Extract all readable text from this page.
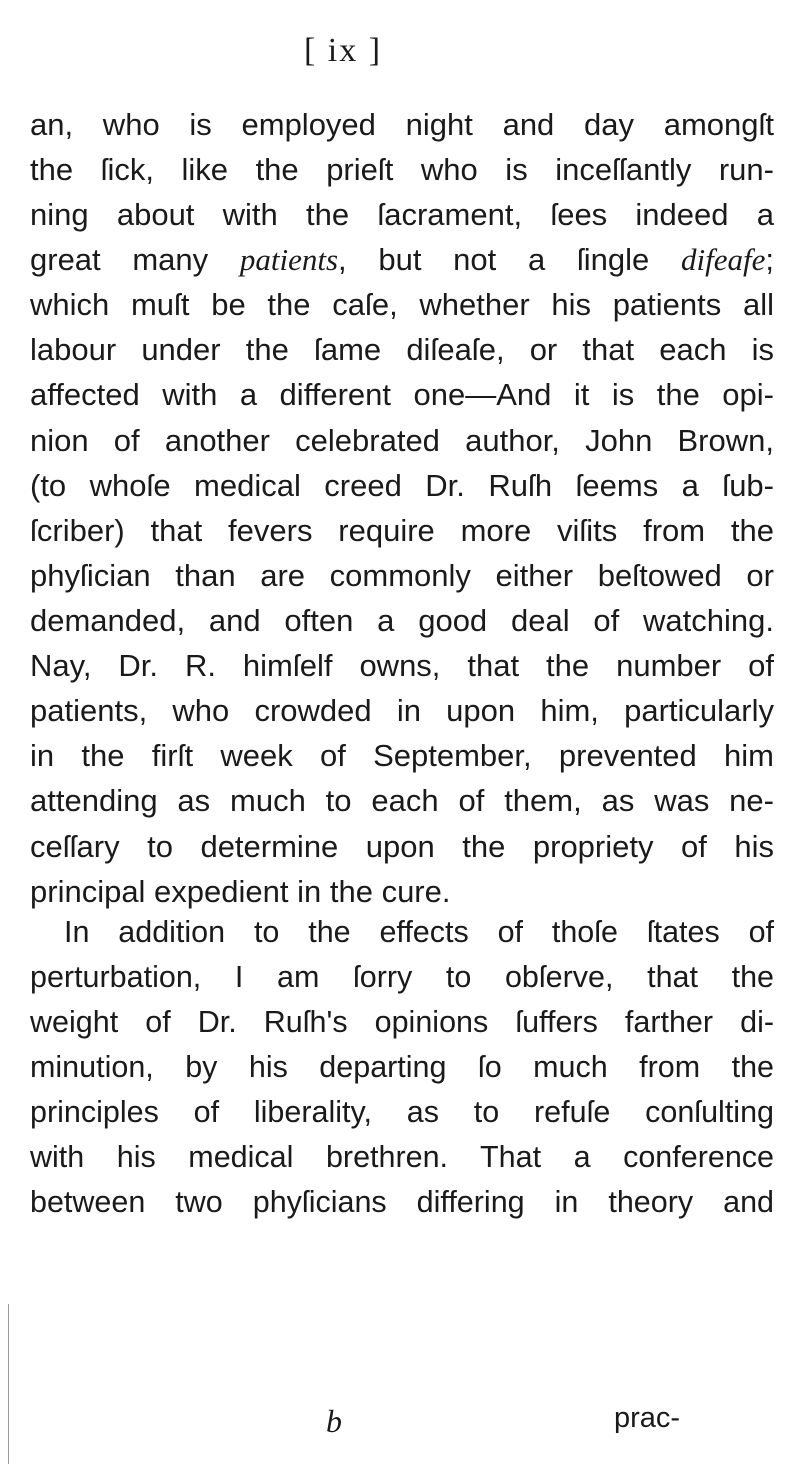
[ ix ]
an, who is employed night and day amongſt
the ſick, like the prieſt who is inceſſantly run-
ning about with the ſacrament, ſees indeed a
great many patients, but not a ſingle difeafe;
which muſt be the caſe, whether his patients all
labour under the ſame diſeaſe, or that each is
affected with a different one—And it is the opi-
nion of another celebrated author, John Brown,
(to whoſe medical creed Dr. Ruſh ſeems a ſub-
ſcriber) that fevers require more viſits from the
phyſician than are commonly either beſtowed or
demanded, and often a good deal of watching.
Nay, Dr. R. himſelf owns, that the number of
patients, who crowded in upon him, particularly
in the firſt week of September, prevented him
attending as much to each of them, as was ne-
ceſſary to determine upon the propriety of his
principal expedient in the cure.
In addition to the effects of thoſe ſtates of
perturbation, I am ſorry to obſerve, that the
weight of Dr. Ruſh's opinions ſuffers farther di-
minution, by his departing ſo much from the
principles of liberality, as to refuſe conſulting
with his medical brethren. That a conference
between two phyſicians differing in theory and
b	prac-
